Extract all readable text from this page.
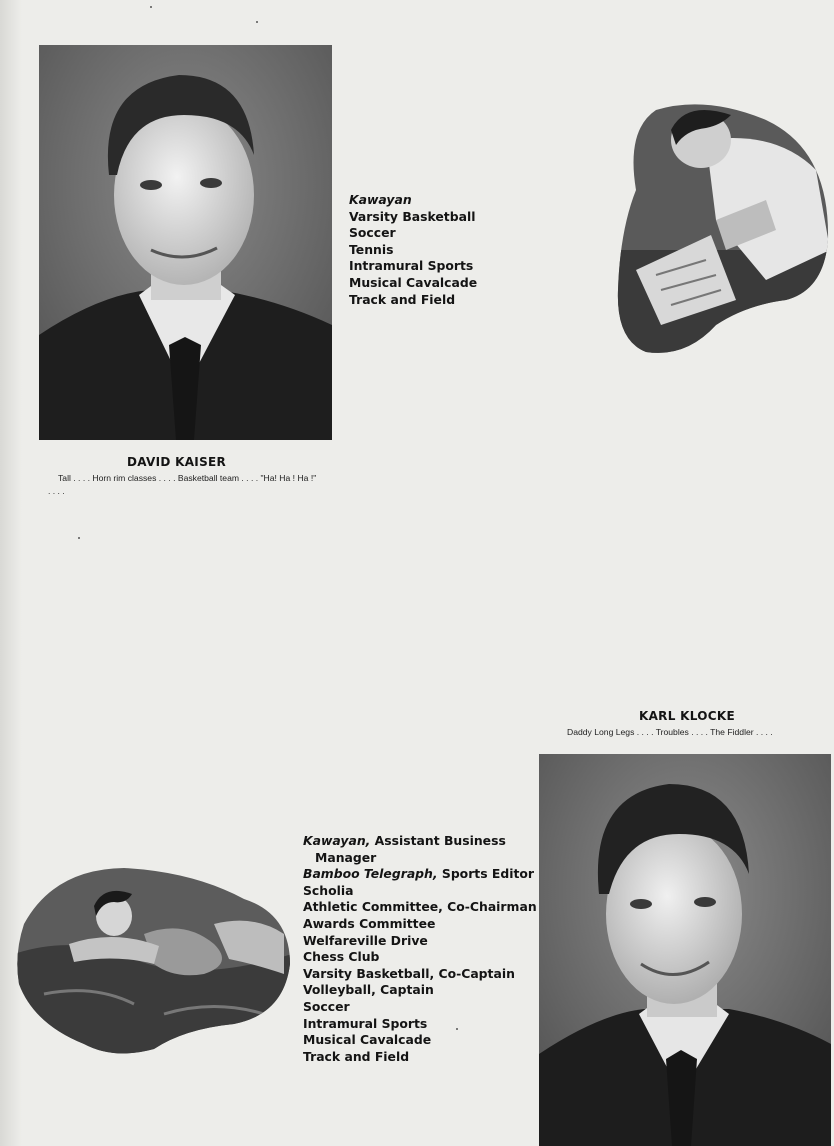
Kawayan
Varsity Basketball
Soccer
Tennis
Intramural Sports
Musical Cavalcade
Track and Field
DAVID KAISER
Tall . . . . Horn rim classes . . . . Basketball team . . . . "Ha! Ha ! Ha !" . . . .
KARL KLOCKE
Daddy Long Legs . . . . Troubles . . . . The Fiddler . . . .
Kawayan, Assistant Business
Manager
Bamboo Telegraph, Sports Editor
Scholia
Athletic Committee, Co-Chairman
Awards Committee
Welfareville Drive
Chess Club
Varsity Basketball, Co-Captain
Volleyball, Captain
Soccer
Intramural Sports
Musical Cavalcade
Track and Field
